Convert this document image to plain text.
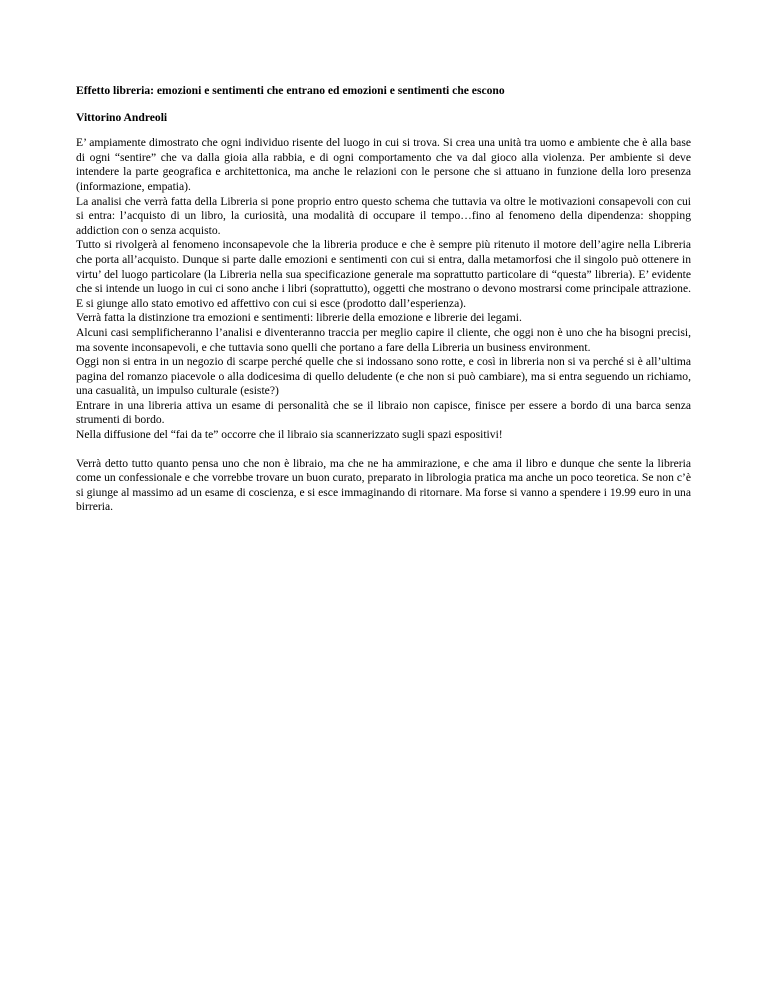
Effetto libreria: emozioni e sentimenti che entrano ed emozioni e sentimenti che escono

Vittorino Andreoli

E’ ampiamente dimostrato che ogni individuo risente del luogo in cui si trova. Si crea una unità tra uomo e ambiente che è alla base di ogni “sentire” che va dalla gioia alla rabbia, e di ogni comportamento che va dal gioco alla violenza. Per ambiente si deve intendere la parte geografica e architettonica, ma anche le relazioni con le persone che si attuano in funzione della loro presenza (informazione, empatia).

La analisi che verrà fatta della Libreria si pone proprio entro questo schema che tuttavia va oltre le motivazioni consapevoli con cui si entra: l’acquisto di un libro, la curiosità, una modalità di occupare il tempo…fino al fenomeno della dipendenza: shopping addiction con o senza acquisto.

Tutto si rivolgerà al fenomeno inconsapevole che la libreria produce e che è sempre più ritenuto il motore dell’agire nella Libreria che porta all’acquisto. Dunque si parte dalle emozioni e sentimenti con cui si entra, dalla metamorfosi che il singolo può ottenere in virtu’ del luogo particolare (la Libreria nella sua specificazione generale ma soprattutto particolare di “questa” libreria). E’ evidente che si intende un luogo in cui ci sono anche i libri (soprattutto), oggetti che mostrano o devono mostrarsi come principale attrazione. E si giunge allo stato emotivo ed affettivo con cui si esce (prodotto dall’esperienza).

Verrà fatta la distinzione tra emozioni e sentimenti: librerie della emozione e librerie dei legami.

Alcuni casi semplificheranno l’analisi e diventeranno traccia per meglio capire il cliente, che oggi non è uno che ha bisogni precisi, ma sovente inconsapevoli, e che tuttavia sono quelli che portano a fare della Libreria un business environment.

Oggi non si entra in un negozio di scarpe perché quelle che si indossano sono rotte, e così in libreria non si va perché si è all’ultima pagina del romanzo piacevole o alla dodicesima di quello deludente (e che non si può cambiare), ma si entra seguendo un richiamo, una casualità, un impulso culturale (esiste?)

Entrare in una libreria attiva un esame di personalità che se il libraio non capisce, finisce per essere a bordo di una barca senza strumenti di bordo.

Nella diffusione del “fai da te” occorre che il libraio sia scannerizzato sugli spazi espositivi!

Verrà detto tutto quanto pensa uno che non è libraio, ma che ne ha ammirazione, e che ama il libro e dunque che sente la libreria come un confessionale e che vorrebbe trovare un buon curato, preparato in librologia pratica ma anche un poco teoretica. Se non c’è si giunge al massimo ad un esame di coscienza, e si esce immaginando di ritornare. Ma forse si vanno a spendere i 19.99 euro in una birreria.
